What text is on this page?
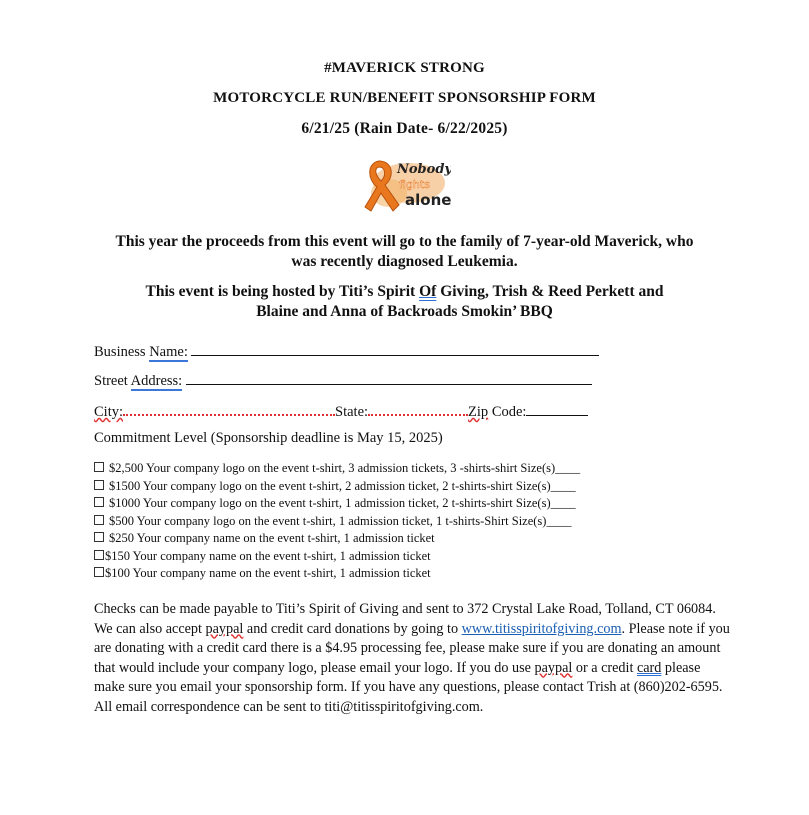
#MAVERICK STRONG
MOTORCYCLE RUN/BENEFIT SPONSORSHIP FORM
6/21/25 (Rain Date- 6/22/2025)
Nobody
fights
alone
This year the proceeds from this event will go to the family of 7-year-old Maverick, who
was recently diagnosed Leukemia.
This event is being hosted by Titi’s Spirit Of Giving, Trish & Reed Perkett and
Blaine and Anna of Backroads Smokin’ BBQ
Business Name:
Street Address:
City:	State:	Zip Code:
Commitment Level (Sponsorship deadline is May 15, 2025)
$2,500 Your company logo on the event t-shirt, 3 admission tickets, 3 -shirts-shirt Size(s)____
$1500 Your company logo on the event t-shirt, 2 admission ticket, 2 t-shirts-shirt Size(s)____
$1000 Your company logo on the event t-shirt, 1 admission ticket, 2 t-shirts-shirt Size(s)____
$500 Your company logo on the event t-shirt, 1 admission ticket, 1 t-shirts-Shirt Size(s)____
$250 Your company name on the event t-shirt, 1 admission ticket
$150 Your company name on the event t-shirt, 1 admission ticket
$100 Your company name on the event t-shirt, 1 admission ticket
Checks can be made payable to Titi’s Spirit of Giving and sent to 372 Crystal Lake Road, Tolland, CT 06084. We can also accept paypal and credit card donations by going to www.titisspiritofgiving.com. Please note if you are donating with a credit card there is a $4.95 processing fee, please make sure if you are donating an amount that would include your company logo, please email your logo. If you do use paypal or a credit card please make sure you email your sponsorship form. If you have any questions, please contact Trish at (860)202-6595. All email correspondence can be sent to titi@titisspiritofgiving.com.
